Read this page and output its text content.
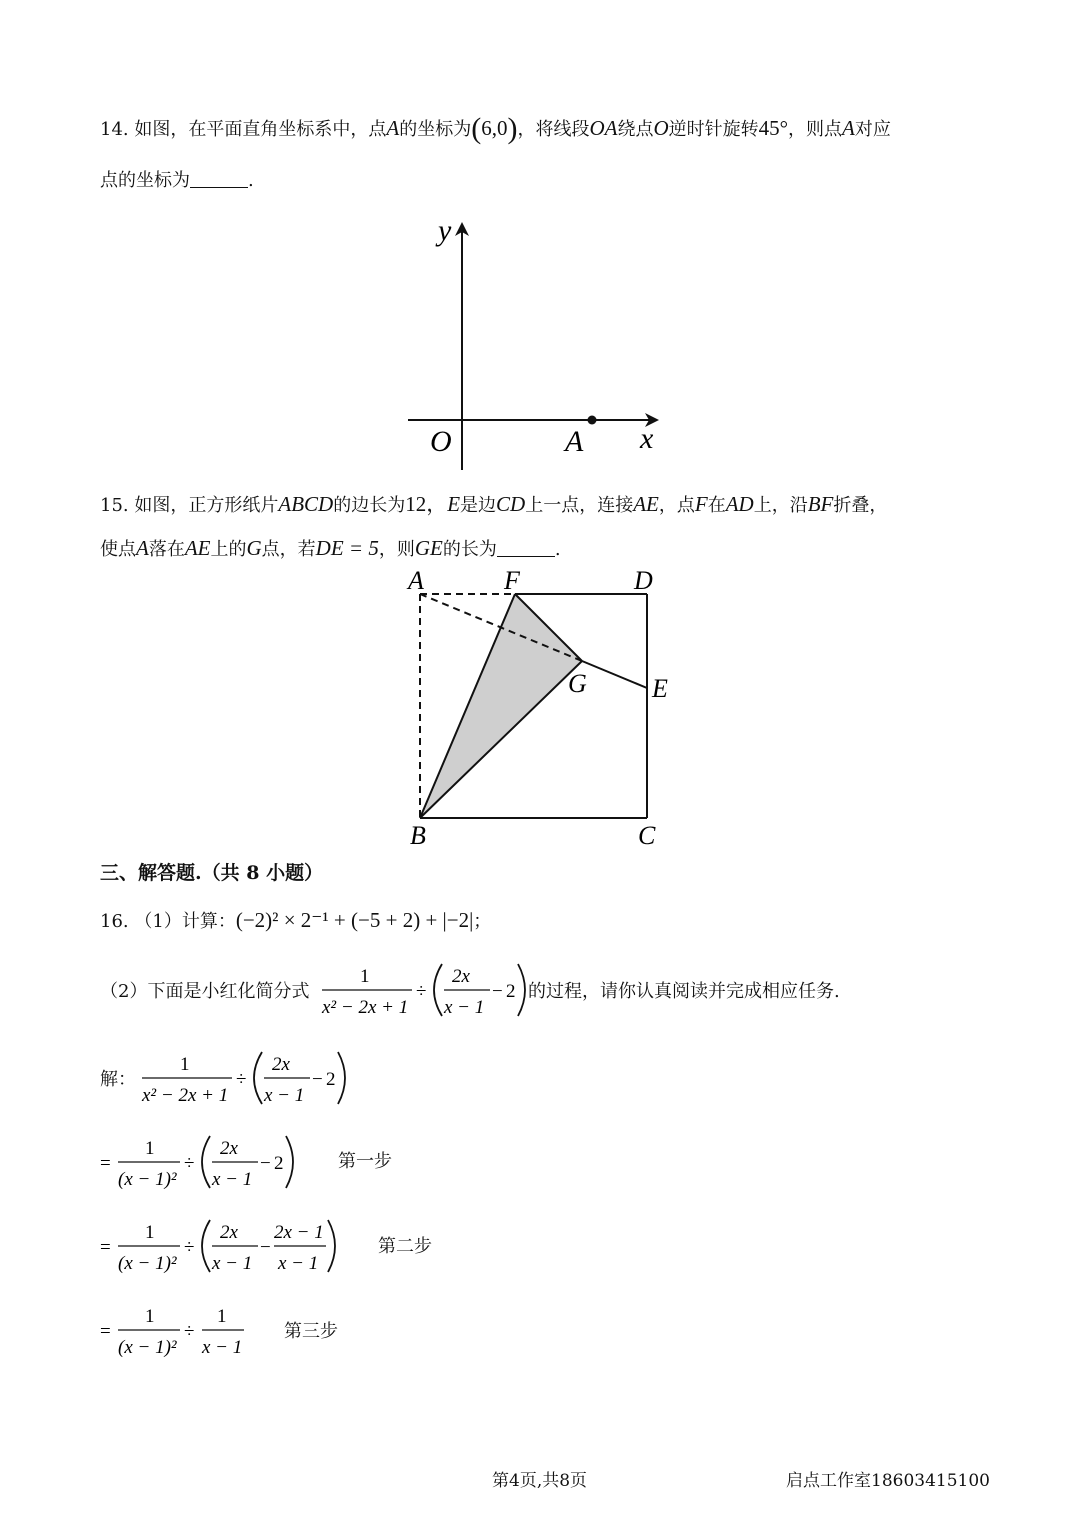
14. 如图，在平面直角坐标系中，点A的坐标为(6,0)，将线段OA绕点O逆时针旋转45°，则点A对应
点的坐标为	.
y
x
O	A
15. 如图，正方形纸片ABCD的边长为12，E是边CD上一点，连接AE，点F在AD上，沿BF折叠，
使点A落在AE上的G点，若DE = 5，则GE的长为	.
A	F	D
G	E
B	C
三、解答题.（共 8 小题）
16. （1）计算：(−2)² × 2⁻¹ + (−5 + 2) + |−2|；
（2）下面是小红化简分式
1
x² − 2x + 1
÷
2x
x − 1
− 2 的过程，请你认真阅读并完成相应任务.
解：
1
x² − 2x + 1
÷
2x
x − 1
− 2
=
1
(x − 1)²
÷
2x
x − 1
− 2	第一步
=
1
(x − 1)²
÷
2x
x − 1
−
2x − 1
x − 1
第二步
=
1
(x − 1)²
÷
1
x − 1
第三步
第4页,共8页	启点工作室18603415100
